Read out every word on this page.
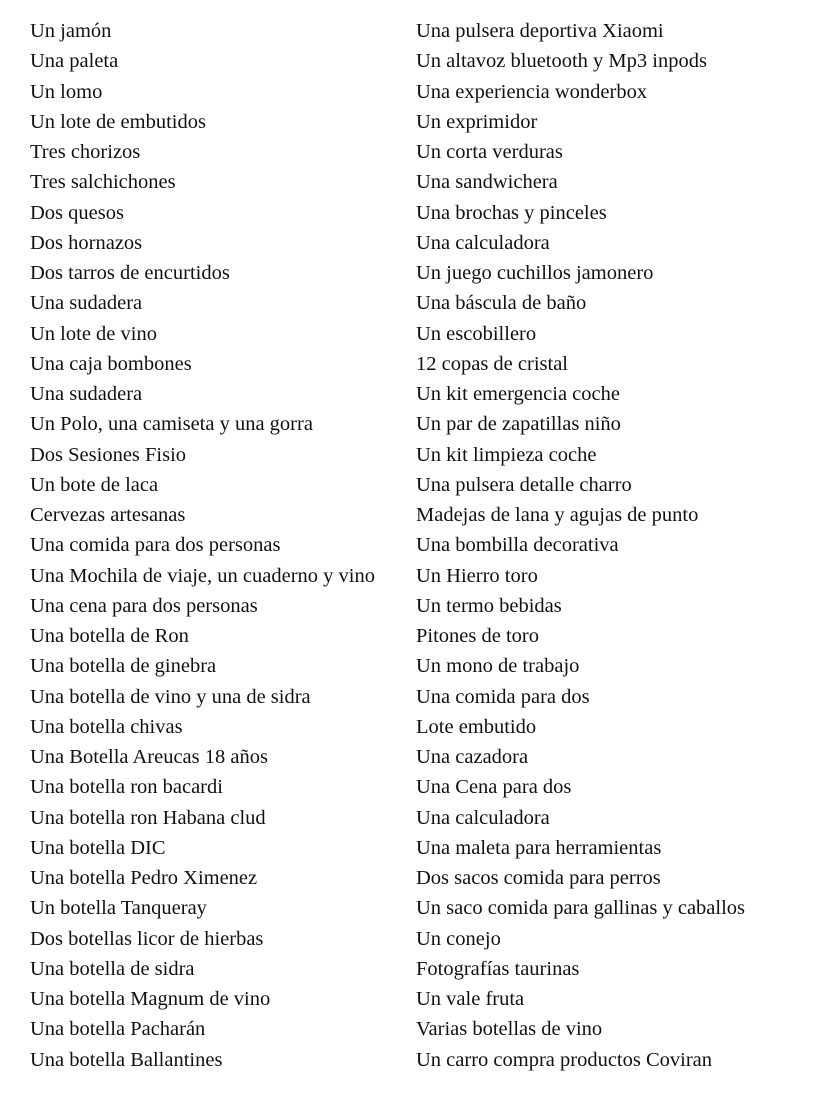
Un jamón
Una paleta
Un lomo
Un lote de embutidos
Tres chorizos
Tres salchichones
Dos quesos
Dos hornazos
Dos tarros de encurtidos
Una sudadera
Un lote de vino
Una caja bombones
Una sudadera
Un Polo, una camiseta y una gorra
Dos Sesiones Fisio
Un bote de laca
Cervezas artesanas
Una comida para dos personas
Una Mochila de viaje, un cuaderno y vino
Una cena para dos personas
Una botella de Ron
Una botella de ginebra
Una botella de vino y una de sidra
Una botella chivas
Una Botella Areucas 18 años
Una botella ron bacardi
Una botella ron Habana clud
Una botella DIC
Una botella Pedro Ximenez
Un botella Tanqueray
Dos botellas licor de hierbas
Una botella de sidra
Una botella Magnum de vino
Una botella Pacharán
Una botella Ballantines
Una pulsera deportiva Xiaomi
Un altavoz bluetooth y Mp3 inpods
Una experiencia wonderbox
Un exprimidor
Un corta verduras
Una sandwichera
Una brochas y pinceles
Una calculadora
Un juego cuchillos jamonero
Una báscula de baño
Un escobillero
12 copas de cristal
Un kit emergencia coche
Un par de zapatillas niño
Un kit limpieza coche
Una pulsera detalle charro
Madejas de lana y agujas de punto
Una bombilla decorativa
Un Hierro toro
Un termo bebidas
Pitones de toro
Un mono de trabajo
Una comida para dos
Lote embutido
Una cazadora
Una Cena para dos
Una calculadora
Una maleta para herramientas
Dos sacos comida para perros
Un saco comida para gallinas y caballos
Un conejo
Fotografías taurinas
Un vale fruta
Varias botellas de vino
Un carro compra productos Coviran
